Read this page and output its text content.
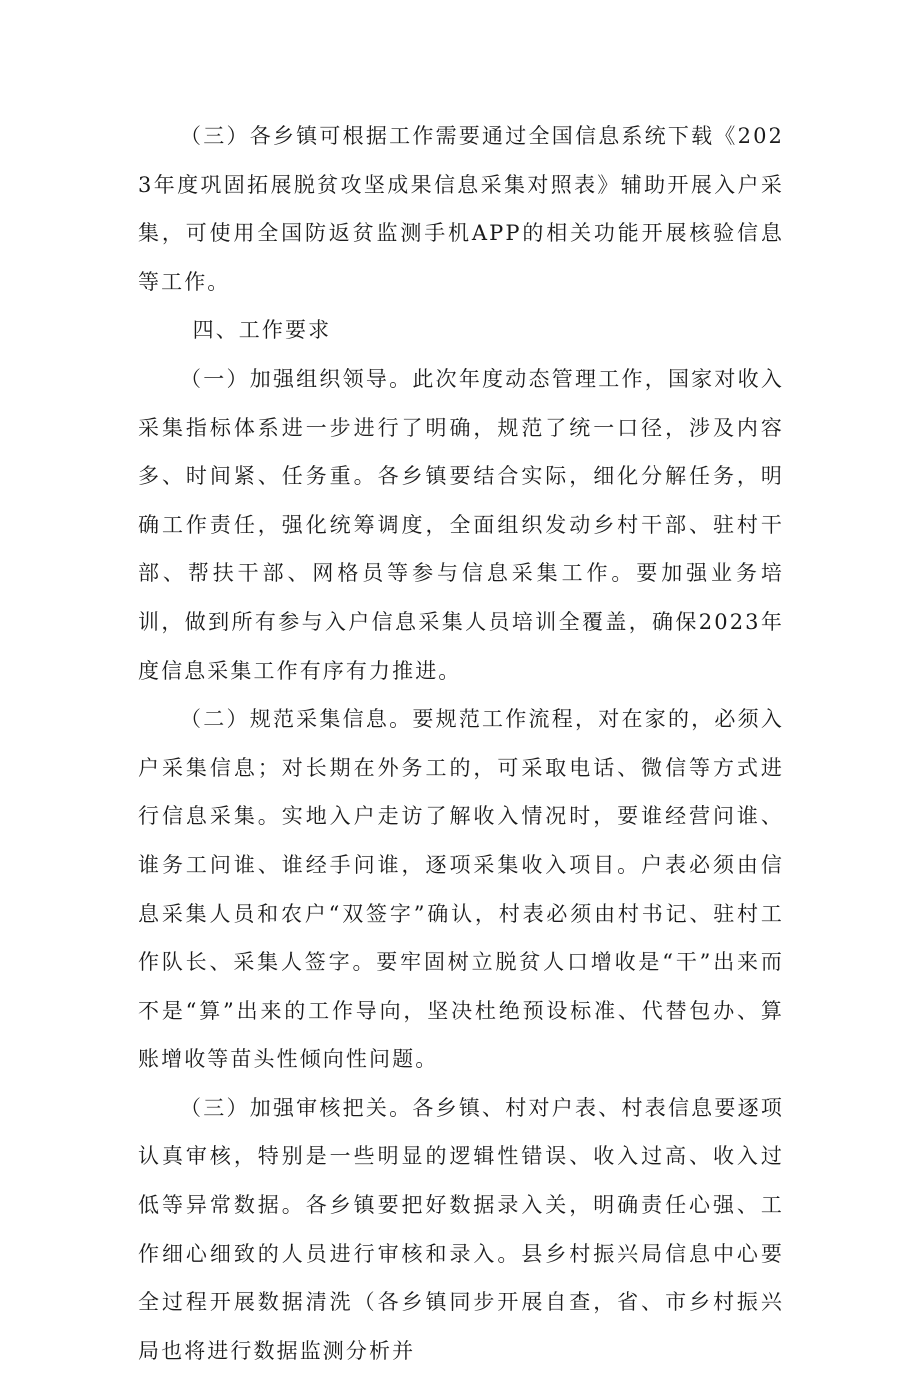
（三）各乡镇可根据工作需要通过全国信息系统下载《2023年度巩固拓展脱贫攻坚成果信息采集对照表》辅助开展入户采集，可使用全国防返贫监测手机APP的相关功能开展核验信息等工作。

四、工作要求

（一）加强组织领导。此次年度动态管理工作，国家对收入采集指标体系进一步进行了明确，规范了统一口径，涉及内容多、时间紧、任务重。各乡镇要结合实际，细化分解任务，明确工作责任，强化统筹调度，全面组织发动乡村干部、驻村干部、帮扶干部、网格员等参与信息采集工作。要加强业务培训，做到所有参与入户信息采集人员培训全覆盖，确保2023年度信息采集工作有序有力推进。

（二）规范采集信息。要规范工作流程，对在家的，必须入户采集信息；对长期在外务工的，可采取电话、微信等方式进行信息采集。实地入户走访了解收入情况时，要谁经营问谁、谁务工问谁、谁经手问谁，逐项采集收入项目。户表必须由信息采集人员和农户“双签字”确认，村表必须由村书记、驻村工作队长、采集人签字。要牢固树立脱贫人口增收是“干”出来而不是“算”出来的工作导向，坚决杜绝预设标准、代替包办、算账增收等苗头性倾向性问题。

（三）加强审核把关。各乡镇、村对户表、村表信息要逐项认真审核，特别是一些明显的逻辑性错误、收入过高、收入过低等异常数据。各乡镇要把好数据录入关，明确责任心强、工作细心细致的人员进行审核和录入。县乡村振兴局信息中心要全过程开展数据清洗（各乡镇同步开展自查，省、市乡村振兴局也将进行数据监测分析并
